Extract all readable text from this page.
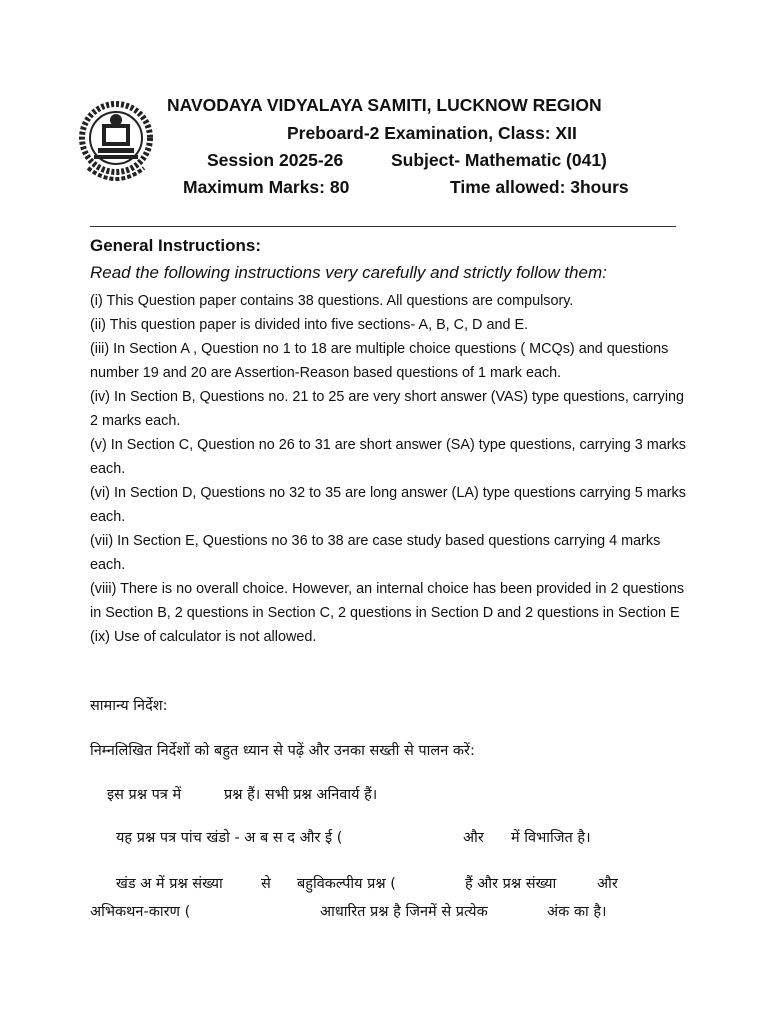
NAVODAYA VIDYALAYA SAMITI, LUCKNOW REGION
Preboard-2 Examination, Class: XII
Session 2025-26	Subject- Mathematic (041)
Maximum Marks: 80	Time allowed: 3hours
General Instructions:
Read the following instructions very carefully and strictly follow them:

(i) This Question paper contains 38 questions. All questions are compulsory.

(ii) This question paper is divided into five sections- A, B, C, D and E.

(iii) In Section A , Question no 1 to 18 are multiple choice questions ( MCQs) and questions number 19 and 20 are Assertion-Reason based questions of 1 mark each.

(iv) In Section B, Questions no. 21 to 25 are very short answer (VAS) type questions, carrying 2 marks each.

(v) In Section C, Question no 26 to 31 are short answer (SA) type questions, carrying 3 marks each.

(vi) In Section D, Questions no 32 to 35 are long answer (LA) type questions carrying 5 marks each.

(vii) In Section E, Questions no 36 to 38 are case study based questions carrying 4 marks each.

(viii) There is no overall choice. However, an internal choice has been provided in 2 questions in Section B, 2 questions in Section C, 2 questions in Section D and 2 questions in Section E

(ix) Use of calculator is not allowed.

सामान्य निर्देश:
निम्नलिखित निर्देशों को बहुत ध्यान से पढ़ें और उनका सख्ती से पालन करें:
इस प्रश्न पत्र में	प्रश्न हैं। सभी प्रश्न अनिवार्य हैं।
यह प्रश्न पत्र पांच खंडो - अ ब स द और ई (	और में विभाजित है।
खंड अ में प्रश्न संख्या	से बहुविकल्पीय प्रश्न (	हैं और प्रश्न संख्या	और
अभिकथन-कारण (	आधारित प्रश्न है जिनमें से प्रत्येक	अंक का है।
